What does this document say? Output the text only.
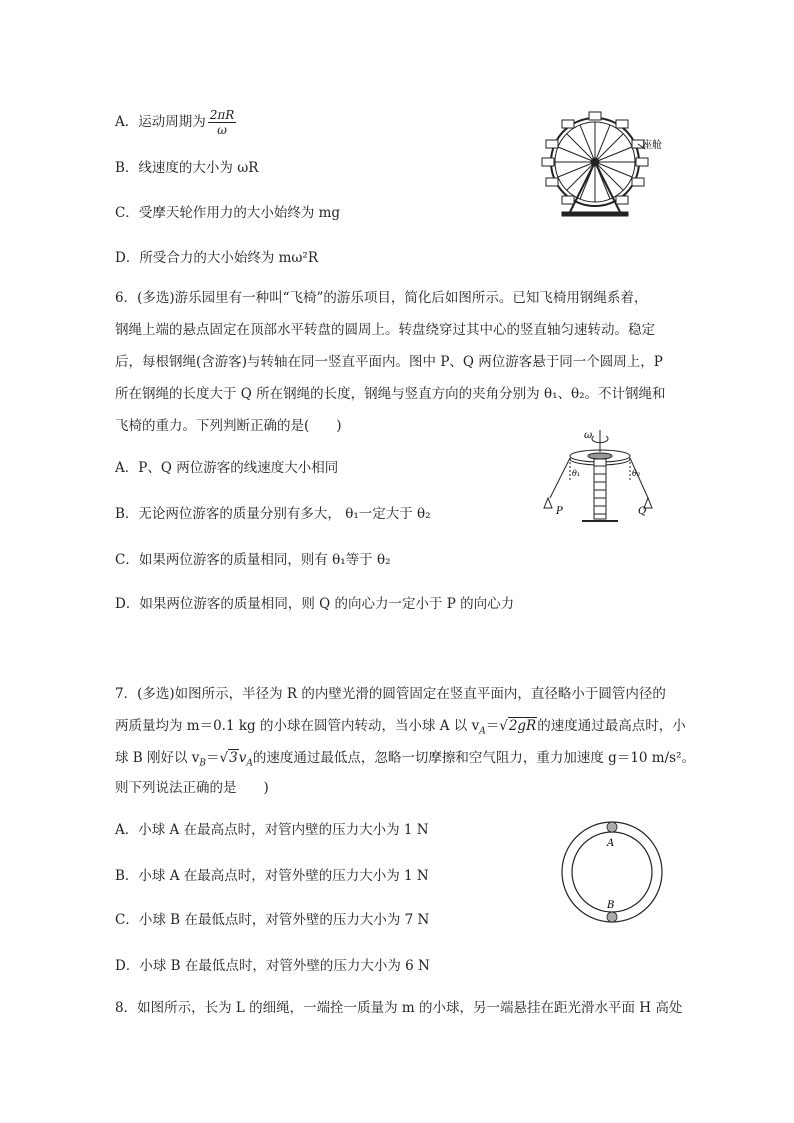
A．运动周期为 $\frac{2\pi R}{\omega}$
B．线速度的大小为 ωR
C．受摩天轮作用力的大小始终为 mg
D．所受合力的大小始终为 mω²R
座舱
6．(多选)游乐园里有一种叫“飞椅”的游乐项目，简化后如图所示。已知飞椅用钢绳系着，
钢绳上端的悬点固定在顶部水平转盘的圆周上。转盘绕穿过其中心的竖直轴匀速转动。稳定
后，每根钢绳(含游客)与转轴在同一竖直平面内。图中 P、Q 两位游客悬于同一个圆周上，P
所在钢绳的长度大于 Q 所在钢绳的长度，钢绳与竖直方向的夹角分别为 θ₁、θ₂。不计钢绳和
飞椅的重力。下列判断正确的是(　　)
A．P、Q 两位游客的线速度大小相同
B．无论两位游客的质量分别有多大， θ₁一定大于 θ₂
C．如果两位游客的质量相同，则有 θ₁等于 θ₂
D．如果两位游客的质量相同，则 Q 的向心力一定小于 P 的向心力
ω
θ₁	θ₂
P	Q
7．(多选)如图所示，半径为 R 的内壁光滑的圆管固定在竖直平面内，直径略小于圆管内径的
两质量均为 m＝0.1 kg 的小球在圆管内转动，当小球 A 以 $v_A=√2gR$的速度通过最高点时，小
球 B 刚好以 $v_B=√3v_A$的速度通过最低点，忽略一切摩擦和空气阻力，重力加速度 g＝10 m/s²。
则下列说法正确的是　　)
A．小球 A 在最高点时，对管内壁的压力大小为 1 N
B．小球 A 在最高点时，对管外壁的压力大小为 1 N
C．小球 B 在最低点时，对管外壁的压力大小为 7 N
D．小球 B 在最低点时，对管外壁的压力大小为 6 N
A
B
8．如图所示，长为 L 的细绳，一端拴一质量为 m 的小球，另一端悬挂在距光滑水平面 H 高处
